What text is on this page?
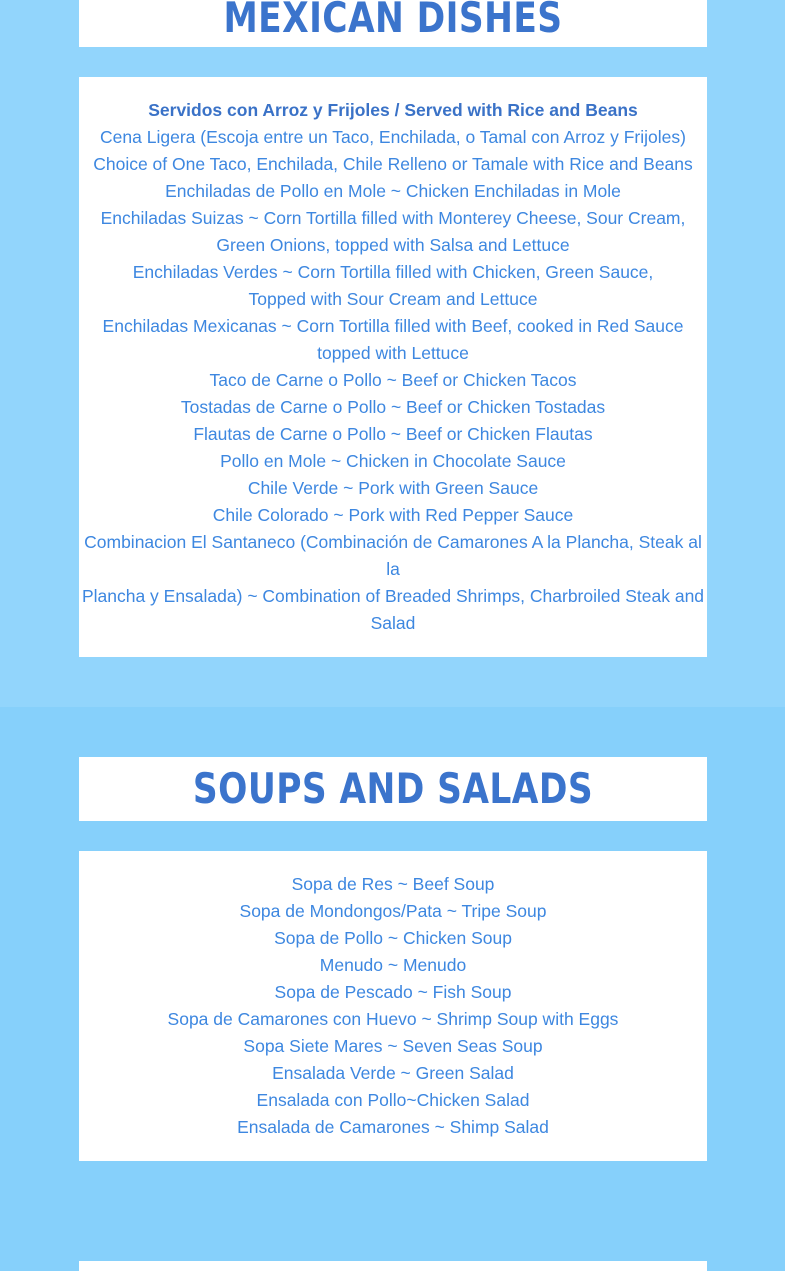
MEXICAN DISHES

Servidos con Arroz y Frijoles / Served with Rice and Beans

Cena Ligera (Escoja entre un Taco, Enchilada, o Tamal con Arroz y Frijoles)

Choice of One Taco, Enchilada, Chile Relleno or Tamale with Rice and Beans

Enchiladas de Pollo en Mole ~ Chicken Enchiladas in Mole

Enchiladas Suizas ~ Corn Tortilla filled with Monterey Cheese, Sour Cream,

Green Onions, topped with Salsa and Lettuce

Enchiladas Verdes ~ Corn Tortilla filled with Chicken, Green Sauce,

Topped with Sour Cream and Lettuce

Enchiladas Mexicanas ~ Corn Tortilla filled with Beef, cooked in Red Sauce

topped with Lettuce

Taco de Carne o Pollo ~ Beef or Chicken Tacos

Tostadas de Carne o Pollo ~ Beef or Chicken Tostadas

Flautas de Carne o Pollo ~ Beef or Chicken Flautas

Pollo en Mole ~ Chicken in Chocolate Sauce

Chile Verde ~ Pork with Green Sauce

Chile Colorado ~ Pork with Red Pepper Sauce

Combinacion El Santaneco (Combinación de Camarones A la Plancha, Steak al

la

Plancha y Ensalada) ~ Combination of Breaded Shrimps, Charbroiled Steak and

Salad

SOUPS AND SALADS

Sopa de Res ~ Beef Soup

Sopa de Mondongos/Pata ~ Tripe Soup

Sopa de Pollo ~ Chicken Soup

Menudo ~ Menudo

Sopa de Pescado ~ Fish Soup

Sopa de Camarones con Huevo ~ Shrimp Soup with Eggs

Sopa Siete Mares ~ Seven Seas Soup

Ensalada Verde ~ Green Salad

Ensalada con Pollo~Chicken Salad

Ensalada de Camarones ~ Shimp Salad
